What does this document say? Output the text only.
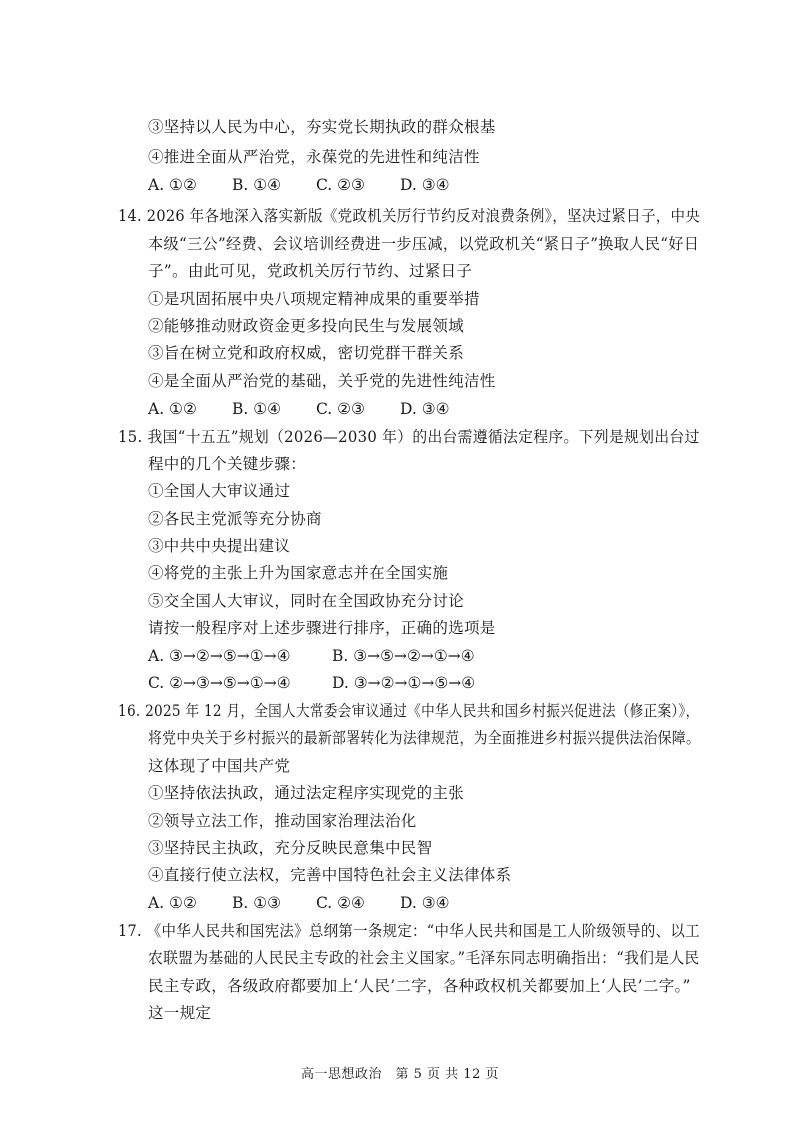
③坚持以人民为中心，夯实党长期执政的群众根基
④推进全面从严治党，永葆党的先进性和纯洁性
A. ①② B. ①④ C. ②③ D. ③④
14. 2026 年各地深入落实新版《党政机关厉行节约反对浪费条例》，坚决过紧日子，中央
本级“三公”经费、会议培训经费进一步压减，以党政机关“紧日子”换取人民“好日
子”。由此可见，党政机关厉行节约、过紧日子
①是巩固拓展中央八项规定精神成果的重要举措
②能够推动财政资金更多投向民生与发展领域
③旨在树立党和政府权威，密切党群干群关系
④是全面从严治党的基础，关乎党的先进性纯洁性
A. ①② B. ①④ C. ②③ D. ③④
15. 我国“十五五”规划（2026—2030 年）的出台需遵循法定程序。下列是规划出台过
程中的几个关键步骤：
①全国人大审议通过
②各民主党派等充分协商
③中共中央提出建议
④将党的主张上升为国家意志并在全国实施
⑤交全国人大审议，同时在全国政协充分讨论
请按一般程序对上述步骤进行排序，正确的选项是
A. ③→②→⑤→①→④	B. ③→⑤→②→①→④
C. ②→③→⑤→①→④	D. ③→②→①→⑤→④
16. 2025 年 12 月，全国人大常委会审议通过《中华人民共和国乡村振兴促进法（修正案）》，
将党中央关于乡村振兴的最新部署转化为法律规范，为全面推进乡村振兴提供法治保障。
这体现了中国共产党
①坚持依法执政，通过法定程序实现党的主张
②领导立法工作，推动国家治理法治化
③坚持民主执政，充分反映民意集中民智
④直接行使立法权，完善中国特色社会主义法律体系
A. ①② B. ①③ C. ②④ D. ③④
17. 《中华人民共和国宪法》总纲第一条规定：“中华人民共和国是工人阶级领导的、以工
农联盟为基础的人民民主专政的社会主义国家。”毛泽东同志明确指出：“我们是人民
民主专政，各级政府都要加上‘人民’二字，各种政权机关都要加上‘人民’二字。”
这一规定
高一思想政治　第 5 页 共 12 页
